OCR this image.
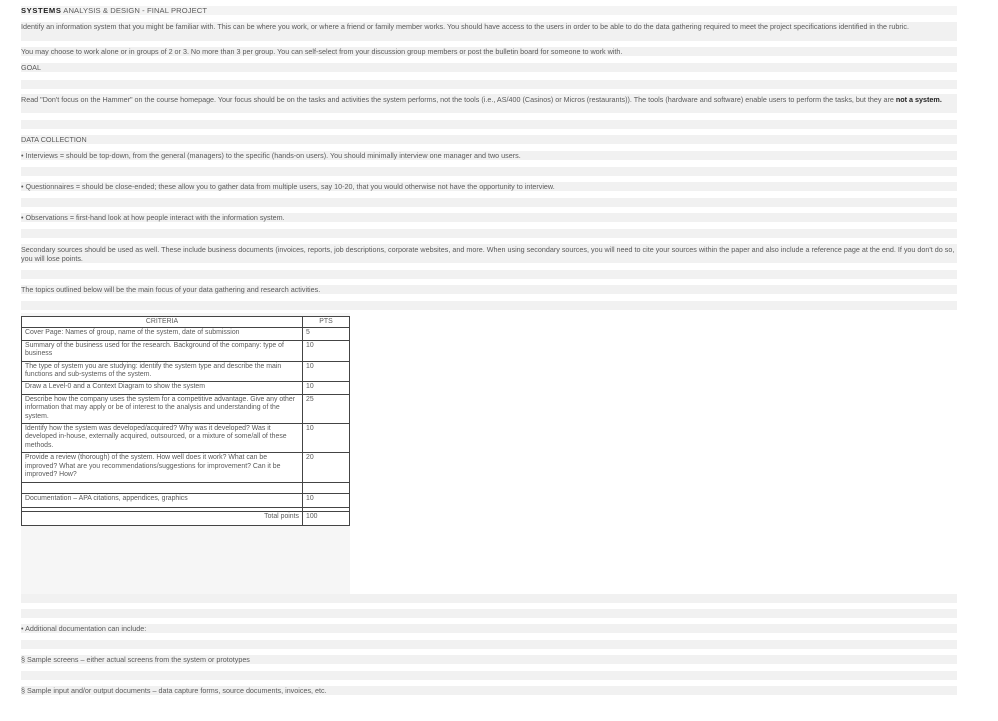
SYSTEMS ANALYSIS & DESIGN - FINAL PROJECT
Identify an information system that you might be familiar with. This can be where you work, or where a friend or family member works. You should have access to the users in order to be able to do the data gathering required to meet the project specifications identified in the rubric.
You may choose to work alone or in groups of 2 or 3. No more than 3 per group. You can self-select from your discussion group members or post the bulletin board for someone to work with.
GOAL
Read "Don't focus on the Hammer" on the course homepage. Your focus should be on the tasks and activities the system performs, not the tools (i.e., AS/400 (Casinos) or Micros (restaurants)). The tools (hardware and software) enable users to perform the tasks, but they are not a system.
DATA COLLECTION
• Interviews = should be top-down, from the general (managers) to the specific (hands-on users). You should minimally interview one manager and two users.
• Questionnaires = should be close-ended; these allow you to gather data from multiple users, say 10-20, that you would otherwise not have the opportunity to interview.
• Observations = first-hand look at how people interact with the information system.
Secondary sources should be used as well. These include business documents (invoices, reports, job descriptions, corporate websites, and more. When using secondary sources, you will need to cite your sources within the paper and also include a reference page at the end. If you don't do so, you will lose points.
The topics outlined below will be the main focus of your data gathering and research activities.
CRITERIA	PTS
Cover Page: Names of group, name of the system, date of submission	5
Summary of the business used for the research. Background of the company: type of business	10
The type of system you are studying: identify the system type and describe the main functions and sub-systems of the system.	10
Draw a Level-0 and a Context Diagram to show the system	10
Describe how the company uses the system for a competitive advantage. Give any other information that may apply or be of interest to the analysis and understanding of the system.	25
Identify how the system was developed/acquired? Why was it developed? Was it developed in-house, externally acquired, outsourced, or a mixture of some/all of these methods.	10
Provide a review (thorough) of the system. How well does it work? What can be improved? What are you recommendations/suggestions for improvement? Can it be improved? How?	20

Documentation – APA citations, appendices, graphics	10

Total points	100
• Additional documentation can include:
§ Sample screens – either actual screens from the system or prototypes
§ Sample input and/or output documents – data capture forms, source documents, invoices, etc.
